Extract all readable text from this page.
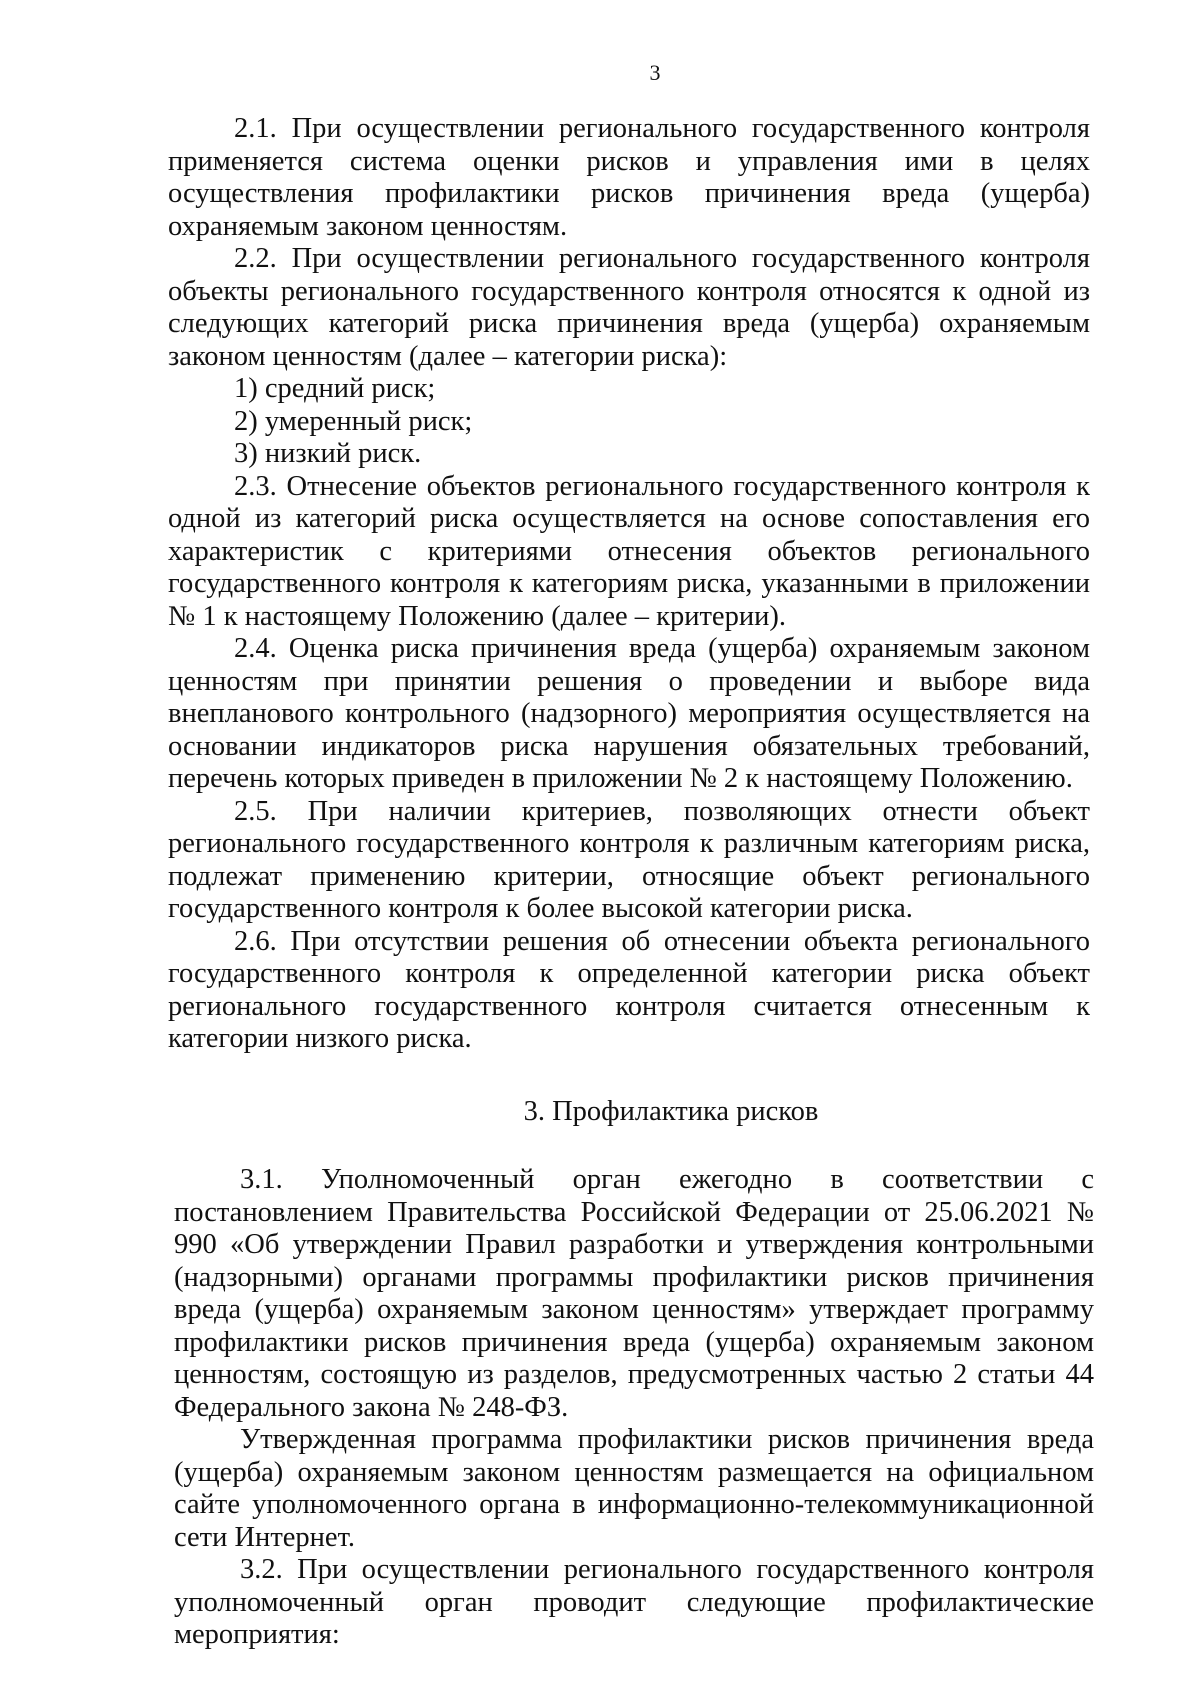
3

2.1. При осуществлении регионального государственного контроля применяется система оценки рисков и управления ими в целях осуществления профилактики рисков причинения вреда (ущерба) охраняемым законом ценностям.

2.2. При осуществлении регионального государственного контроля объекты регионального государственного контроля относятся к одной из следующих категорий риска причинения вреда (ущерба) охраняемым законом ценностям (далее – категории риска):

1) средний риск;

2) умеренный риск;

3) низкий риск.

2.3. Отнесение объектов регионального государственного контроля к одной из категорий риска осуществляется на основе сопоставления его характеристик с критериями отнесения объектов регионального государственного контроля к категориям риска, указанными в приложении № 1 к настоящему Положению (далее – критерии).

2.4. Оценка риска причинения вреда (ущерба) охраняемым законом ценностям при принятии решения о проведении и выборе вида внепланового контрольного (надзорного) мероприятия осуществляется на основании индикаторов риска нарушения обязательных требований, перечень которых приведен в приложении № 2 к настоящему Положению.

2.5. При наличии критериев, позволяющих отнести объект регионального государственного контроля к различным категориям риска, подлежат применению критерии, относящие объект регионального государственного контроля к более высокой категории риска.

2.6. При отсутствии решения об отнесении объекта регионального государственного контроля к определенной категории риска объект регионального государственного контроля считается отнесенным к категории низкого риска.

3. Профилактика рисков

3.1. Уполномоченный орган ежегодно в соответствии с постановлением Правительства Российской Федерации от 25.06.2021 № 990 «Об утверждении Правил разработки и утверждения контрольными (надзорными) органами программы профилактики рисков причинения вреда (ущерба) охраняемым законом ценностям» утверждает программу профилактики рисков причинения вреда (ущерба) охраняемым законом ценностям, состоящую из разделов, предусмотренных частью 2 статьи 44 Федерального закона № 248-ФЗ.

Утвержденная программа профилактики рисков причинения вреда (ущерба) охраняемым законом ценностям размещается на официальном сайте уполномоченного органа в информационно-телекоммуникационной сети Интернет.

3.2. При осуществлении регионального государственного контроля уполномоченный орган проводит следующие профилактические мероприятия:
